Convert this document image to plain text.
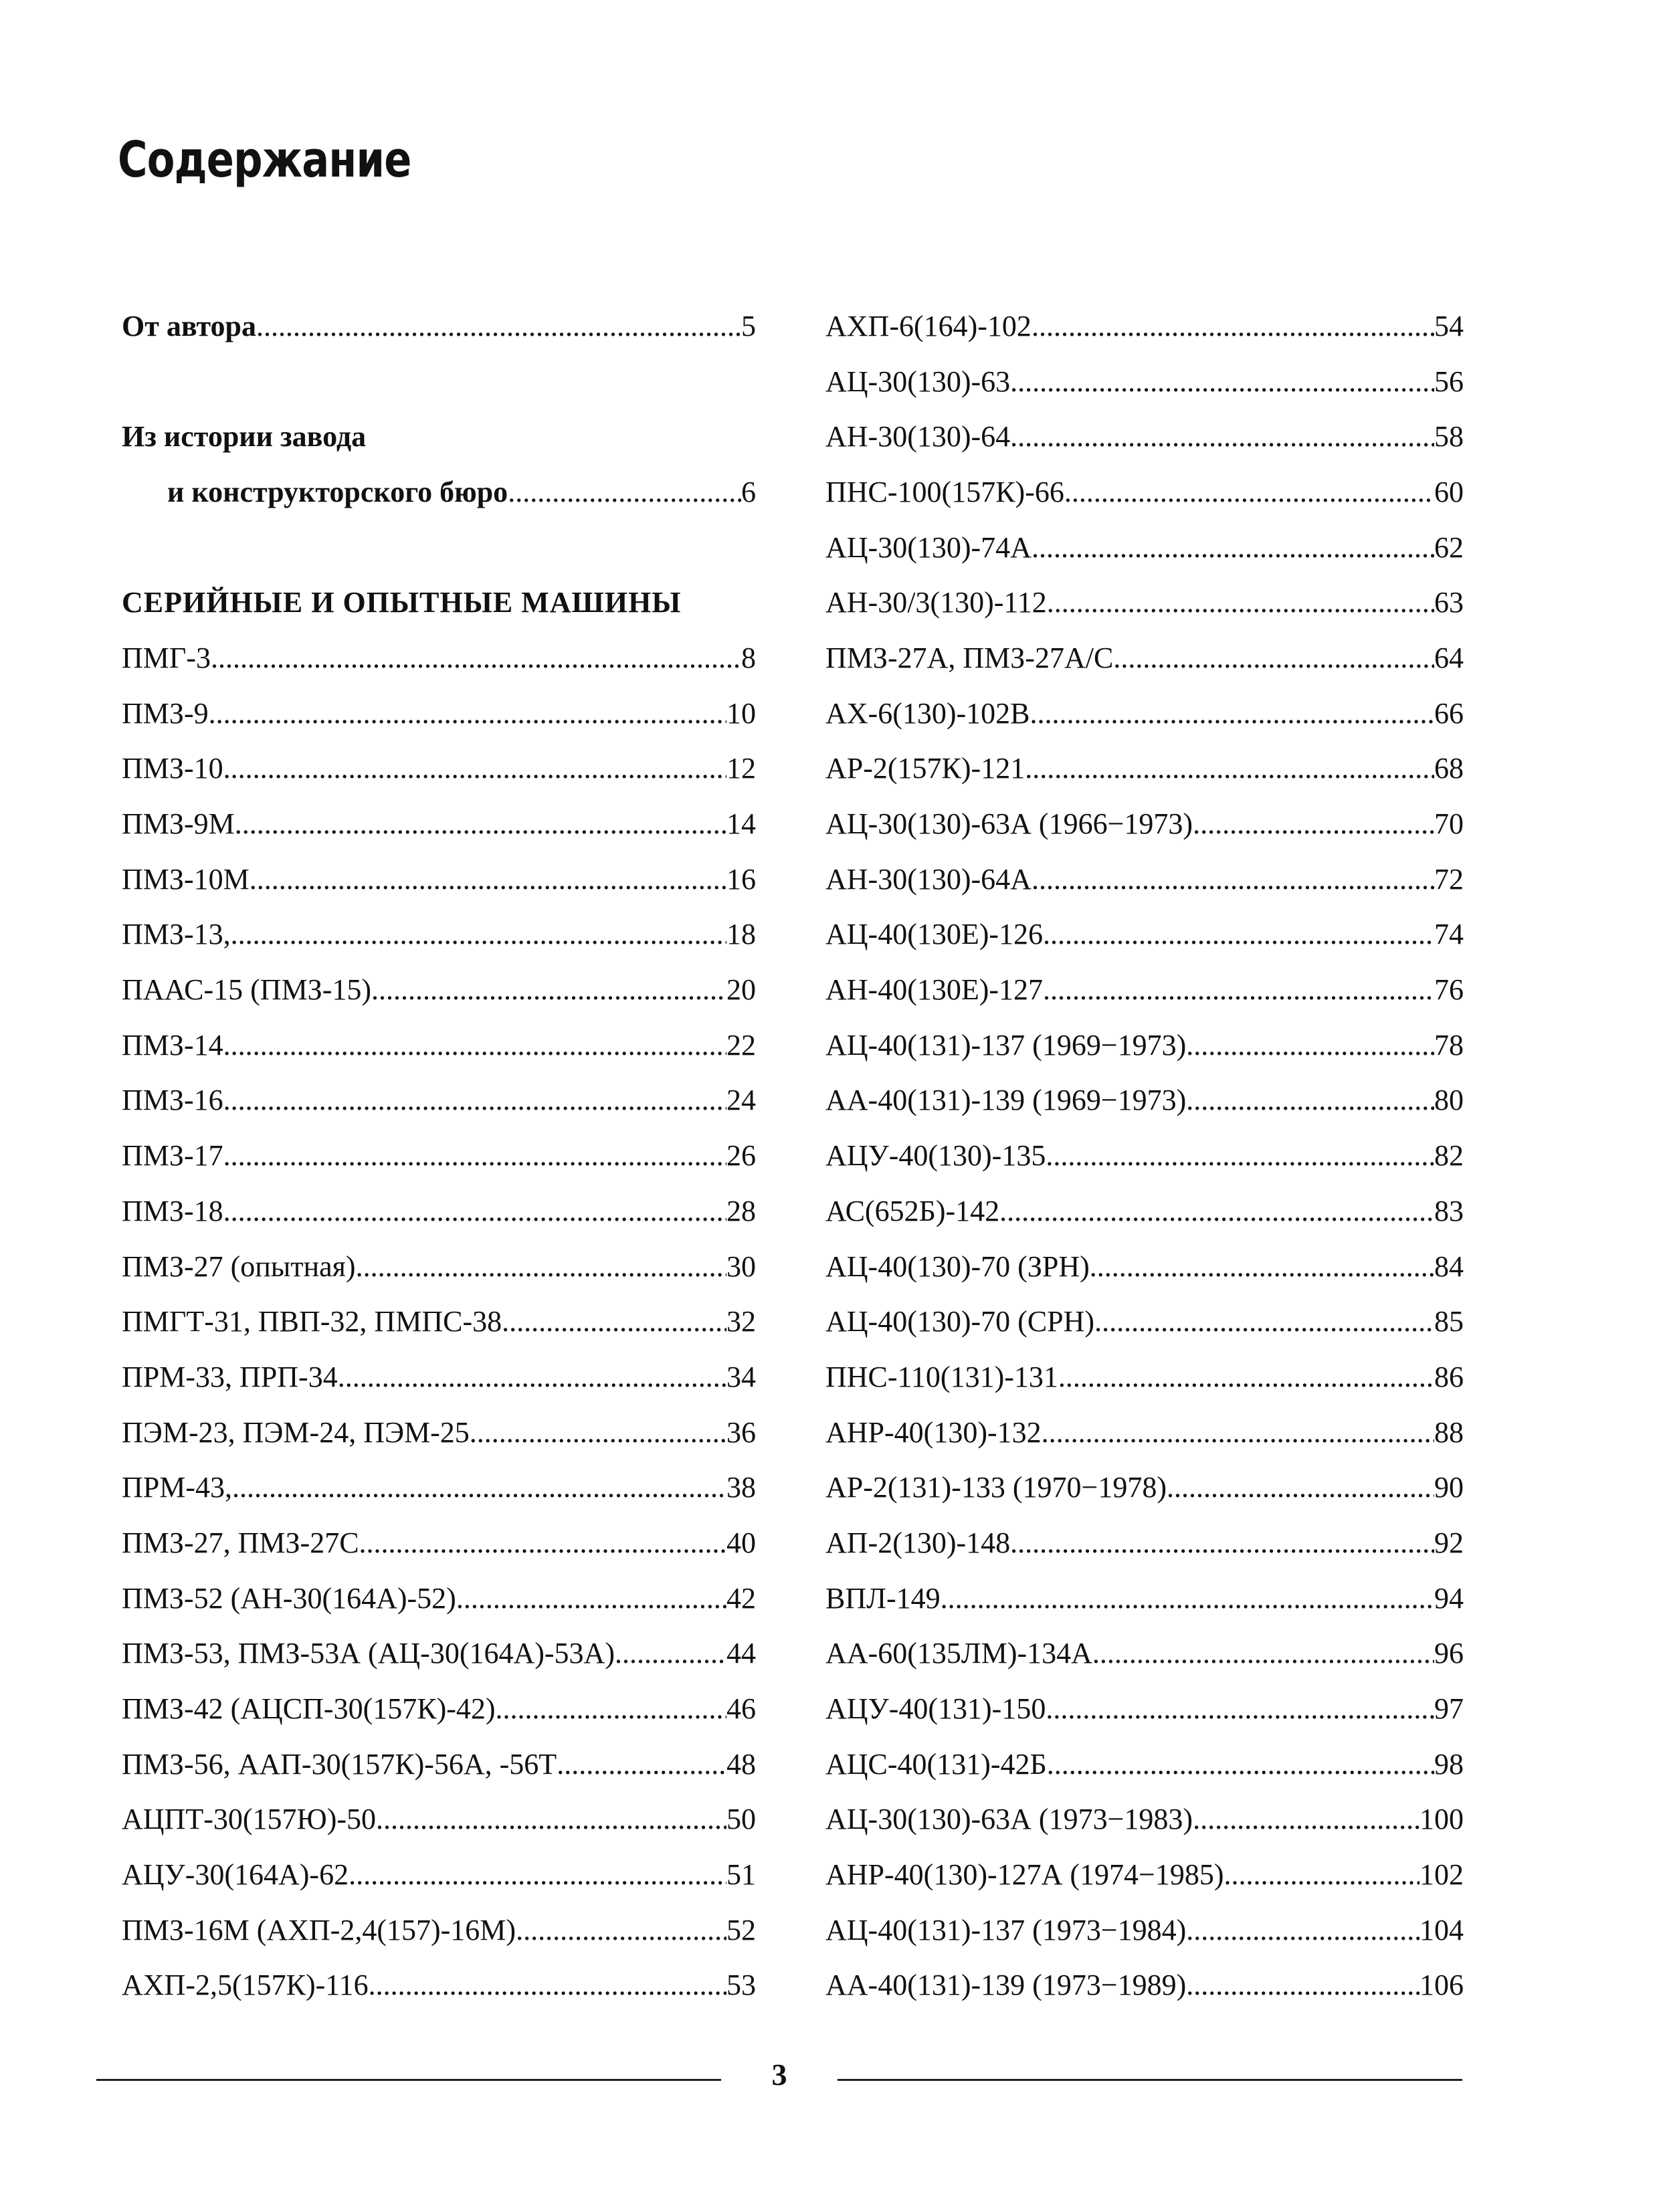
Содержание
От автора .....	5
Из истории завода
и конструкторского бюро .....	6
СЕРИЙНЫЕ И ОПЫТНЫЕ МАШИНЫ
ПМГ-3 .....	8
ПМЗ-9 .....	10
ПМЗ-10 .....	12
ПМЗ-9М .....	14
ПМЗ-10М .....	16
ПМЗ-13, .....	18
ПААС-15 (ПМЗ-15) .....	20
ПМЗ-14 .....	22
ПМЗ-16 .....	24
ПМЗ-17 .....	26
ПМЗ-18 .....	28
ПМЗ-27 (опытная) .....	30
ПМГТ-31, ПВП-32, ПМПС-38 .....	32
ПРМ-33, ПРП-34 .....	34
ПЭМ-23, ПЭМ-24, ПЭМ-25 .....	36
ПРМ-43, .....	38
ПМЗ-27, ПМЗ-27С .....	40
ПМЗ-52 (АН-30(164А)-52) .....	42
ПМЗ-53, ПМЗ-53А (АЦ-30(164А)-53А) .....	44
ПМЗ-42 (АЦСП-30(157К)-42) .....	46
ПМЗ-56, ААП-30(157К)-56А, -56Т .....	48
АЦПТ-30(157Ю)-50 .....	50
АЦУ-30(164А)-62 .....	51
ПМЗ-16М (АХП-2,4(157)-16М) .....	52
АХП-2,5(157К)-116 .....	53
АХП-6(164)-102 .....	54
АЦ-30(130)-63 .....	56
АН-30(130)-64 .....	58
ПНС-100(157К)-66 .....	60
АЦ-30(130)-74А .....	62
АН-30/3(130)-112 .....	63
ПМЗ-27А, ПМЗ-27А/С .....	64
АХ-6(130)-102В .....	66
АР-2(157К)-121 .....	68
АЦ-30(130)-63А (1966−1973) .....	70
АН-30(130)-64А .....	72
АЦ-40(130Е)-126 .....	74
АН-40(130Е)-127 .....	76
АЦ-40(131)-137 (1969−1973) .....	78
АА-40(131)-139 (1969−1973) .....	80
АЦУ-40(130)-135 .....	82
АС(652Б)-142 .....	83
АЦ-40(130)-70 (ЗРН) .....	84
АЦ-40(130)-70 (СРН) .....	85
ПНС-110(131)-131 .....	86
АНР-40(130)-132 .....	88
АР-2(131)-133 (1970−1978) .....	90
АП-2(130)-148 .....	92
ВПЛ-149 .....	94
АА-60(135ЛМ)-134А .....	96
АЦУ-40(131)-150 .....	97
АЦС-40(131)-42Б .....	98
АЦ-30(130)-63А (1973−1983) .....	100
АНР-40(130)-127А (1974−1985) .....	102
АЦ-40(131)-137 (1973−1984) .....	104
АА-40(131)-139 (1973−1989) .....	106
3
